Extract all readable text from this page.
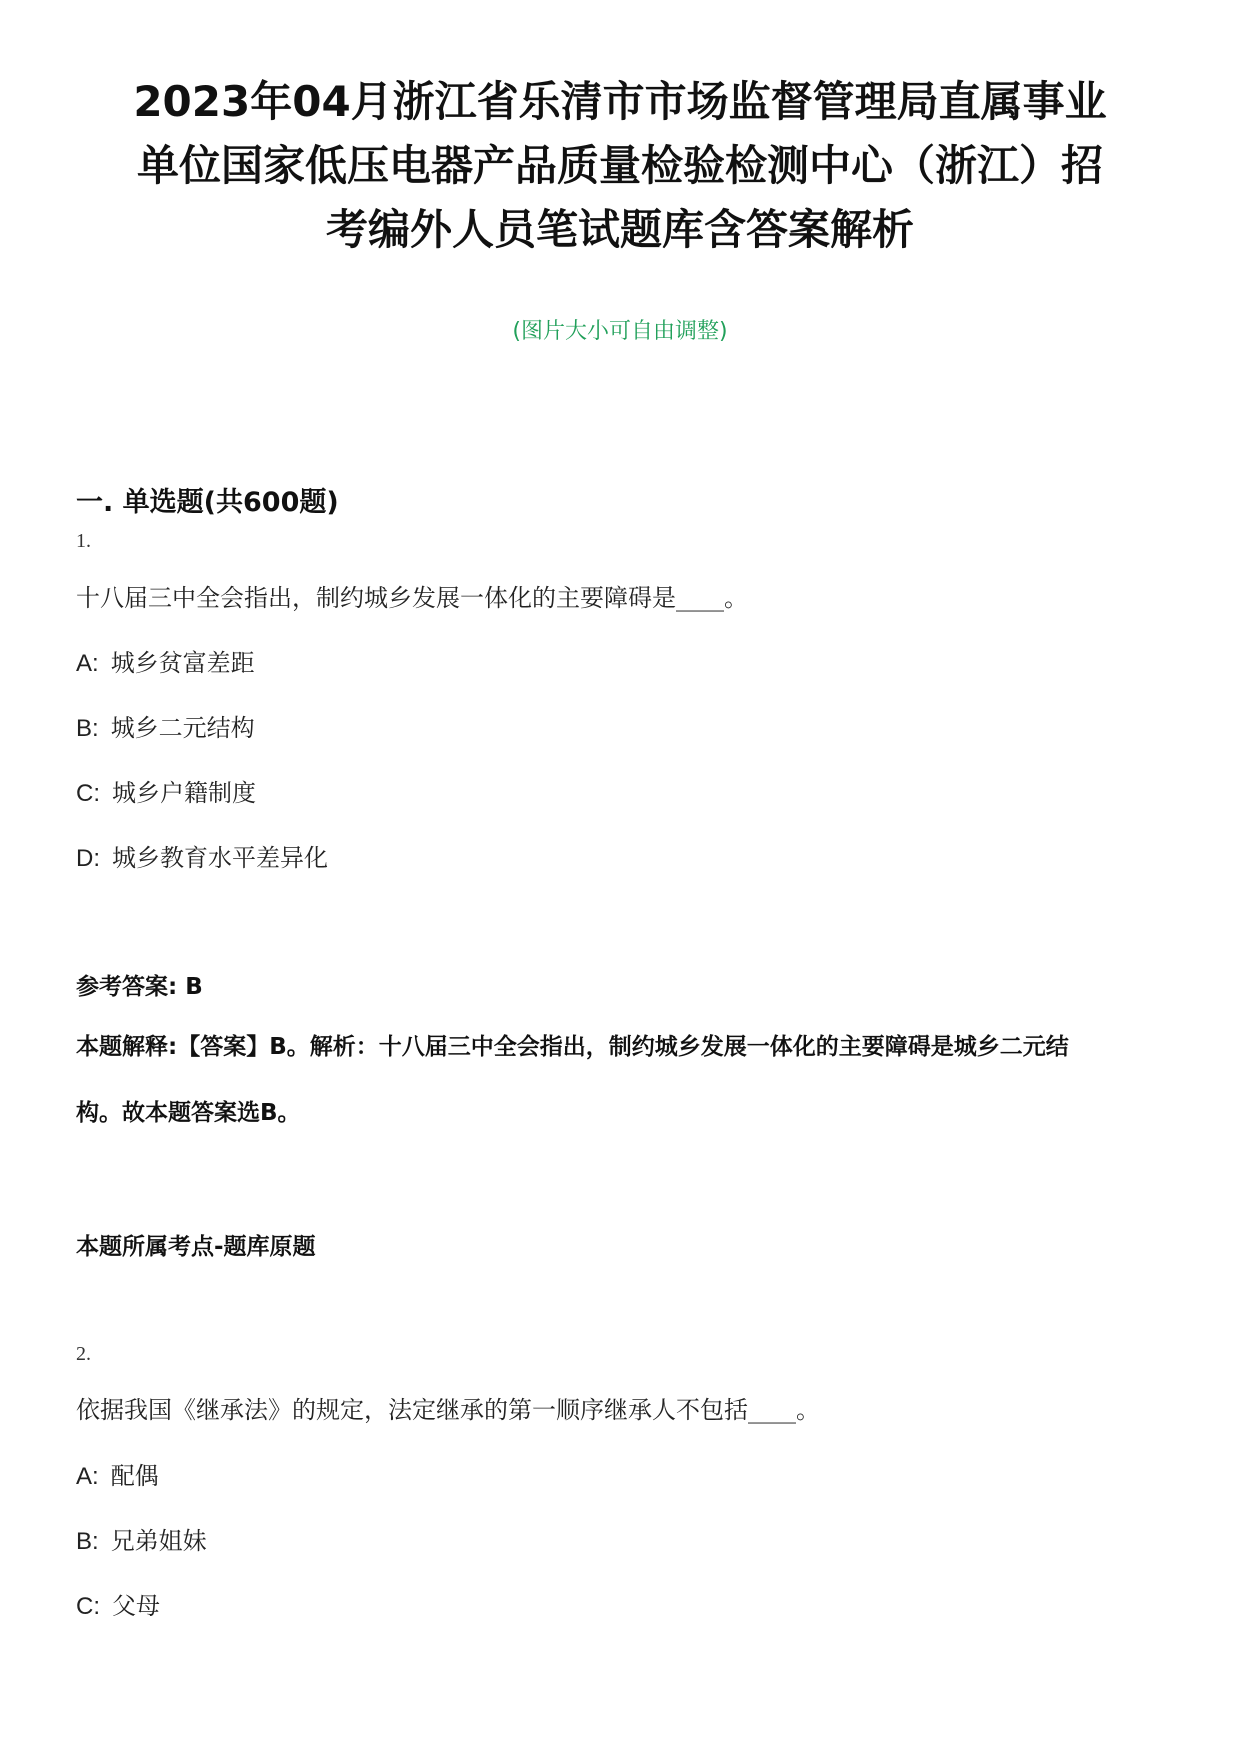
2023年04月浙江省乐清市市场监督管理局直属事业
单位国家低压电器产品质量检验检测中心（浙江）招
考编外人员笔试题库含答案解析
(图片大小可自由调整)
一. 单选题(共600题)
1.
十八届三中全会指出，制约城乡发展一体化的主要障碍是____。
A: 城乡贫富差距
B: 城乡二元结构
C: 城乡户籍制度
D: 城乡教育水平差异化
参考答案: B
本题解释:【答案】B。解析：十八届三中全会指出，制约城乡发展一体化的主要障碍是城乡二元结
构。故本题答案选B。
本题所属考点-题库原题
2.
依据我国《继承法》的规定，法定继承的第一顺序继承人不包括____。
A: 配偶
B: 兄弟姐妹
C: 父母
